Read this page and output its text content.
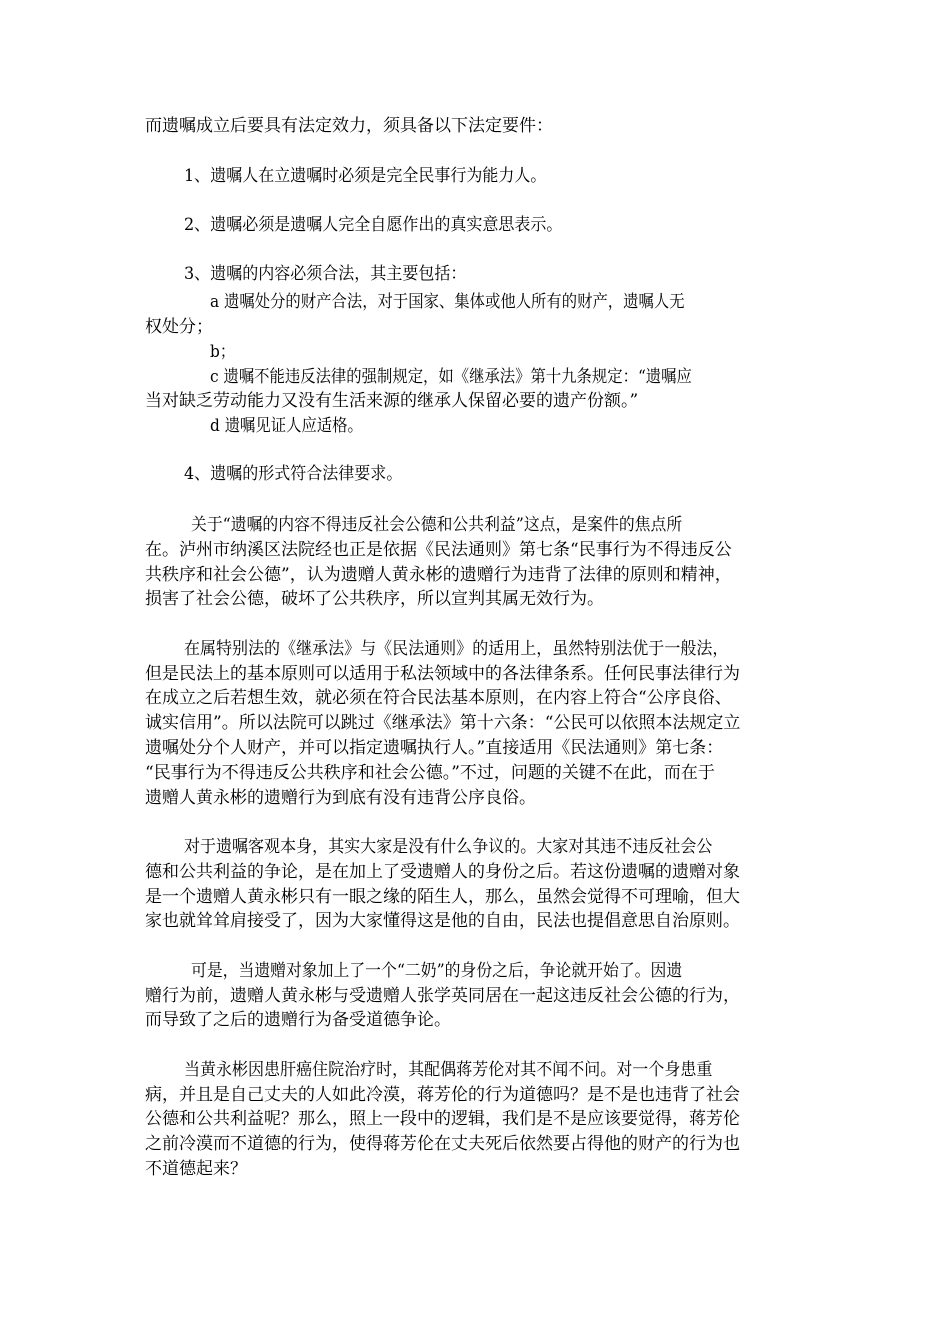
而遗嘱成立后要具有法定效力，须具备以下法定要件：
1、遗嘱人在立遗嘱时必须是完全民事行为能力人。
2、遗嘱必须是遗嘱人完全自愿作出的真实意思表示。
3、遗嘱的内容必须合法，其主要包括：
a 遗嘱处分的财产合法，对于国家、集体或他人所有的财产，遗嘱人无
权处分；
b；
c 遗嘱不能违反法律的强制规定，如《继承法》第十九条规定：“遗嘱应
当对缺乏劳动能力又没有生活来源的继承人保留必要的遗产份额。”
d 遗嘱见证人应适格。
4、遗嘱的形式符合法律要求。
关于“遗嘱的内容不得违反社会公德和公共利益”这点，是案件的焦点所
在。泸州市纳溪区法院经也正是依据《民法通则》第七条“民事行为不得违反公
共秩序和社会公德”，认为遗赠人黄永彬的遗赠行为违背了法律的原则和精神，
损害了社会公德，破坏了公共秩序，所以宣判其属无效行为。
在属特别法的《继承法》与《民法通则》的适用上，虽然特别法优于一般法，
但是民法上的基本原则可以适用于私法领域中的各法律条系。任何民事法律行为
在成立之后若想生效，就必须在符合民法基本原则，在内容上符合“公序良俗、
诚实信用”。所以法院可以跳过《继承法》第十六条：“公民可以依照本法规定立
遗嘱处分个人财产，并可以指定遗嘱执行人。”直接适用《民法通则》第七条：
“民事行为不得违反公共秩序和社会公德。”不过，问题的关键不在此，而在于
遗赠人黄永彬的遗赠行为到底有没有违背公序良俗。
对于遗嘱客观本身，其实大家是没有什么争议的。大家对其违不违反社会公
德和公共利益的争论，是在加上了受遗赠人的身份之后。若这份遗嘱的遗赠对象
是一个遗赠人黄永彬只有一眼之缘的陌生人，那么，虽然会觉得不可理喻，但大
家也就耸耸肩接受了，因为大家懂得这是他的自由，民法也提倡意思自治原则。
可是，当遗赠对象加上了一个“二奶”的身份之后，争论就开始了。因遗
赠行为前，遗赠人黄永彬与受遗赠人张学英同居在一起这违反社会公德的行为，
而导致了之后的遗赠行为备受道德争论。
当黄永彬因患肝癌住院治疗时，其配偶蒋芳伦对其不闻不问。对一个身患重
病，并且是自己丈夫的人如此冷漠，蒋芳伦的行为道德吗？是不是也违背了社会
公德和公共利益呢？那么，照上一段中的逻辑，我们是不是应该要觉得，蒋芳伦
之前冷漠而不道德的行为，使得蒋芳伦在丈夫死后依然要占得他的财产的行为也
不道德起来？
